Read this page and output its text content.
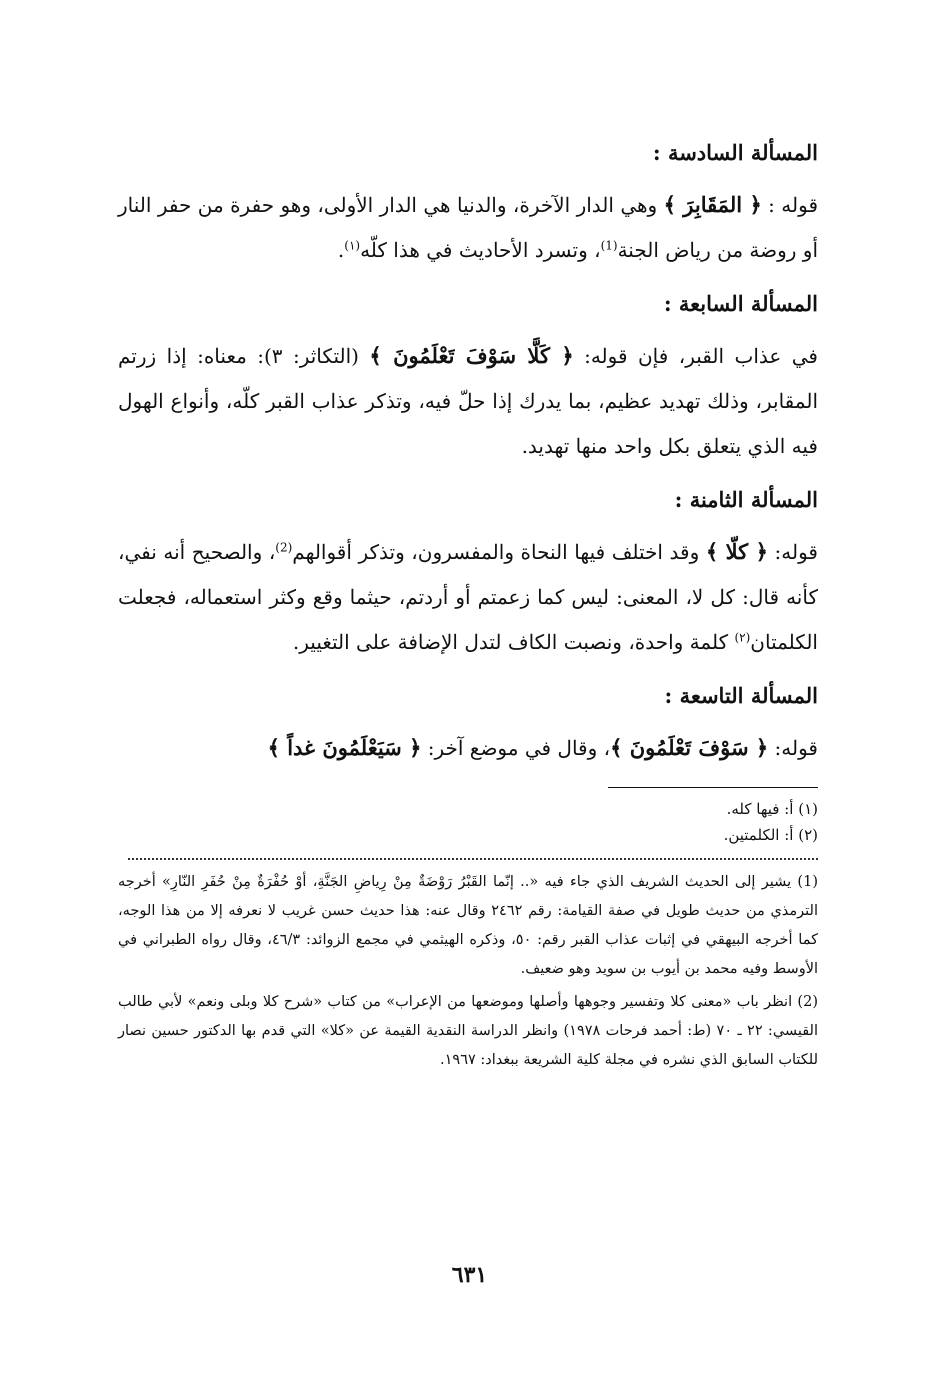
المسألة السادسة :

قوله : ﴿ المَقَابِرَ ﴾ وهي الدار الآخرة، والدنيا هي الدار الأولى، وهو حفرة من حفر النار أو روضة من رياض الجنة$^{(1)}$، وتسرد الأحاديث في هذا كلّه$^{(١)}$.

المسألة السابعة :

في عذاب القبر، فإن قوله: ﴿ كَلَّا سَوْفَ تَعْلَمُونَ ﴾ (التكاثر: ٣): معناه: إذا زرتم المقابر، وذلك تهديد عظيم، بما يدرك إذا حلّ فيه، وتذكر عذاب القبر كلّه، وأنواع الهول فيه الذي يتعلق بكل واحد منها تهديد.

المسألة الثامنة :

قوله: ﴿ كلّا ﴾ وقد اختلف فيها النحاة والمفسرون، وتذكر أقوالهم$^{(2)}$، والصحيح أنه نفي، كأنه قال: كل لا، المعنى: ليس كما زعمتم أو أردتم، حيثما وقع وكثر استعماله، فجعلت الكلمتان$^{(٢)}$ كلمة واحدة، ونصبت الكاف لتدل الإضافة على التغيير.

المسألة التاسعة :

قوله: ﴿ سَوْفَ تَعْلَمُونَ ﴾، وقال في موضع آخر: ﴿ سَيَعْلَمُونَ غداً ﴾

(١) أ: فيها كله.

(٢) أ: الكلمتين.

(1) يشير إلى الحديث الشريف الذي جاء فيه «.. إنّما القَبْرُ رَوْضَةٌ مِنْ رِياضِ الجَنَّةِ، أوْ حُفْرَةٌ مِنْ حُفَرِ النّارِ» أخرجه الترمذي من حديث طويل في صفة القيامة: رقم ٢٤٦٢ وقال عنه: هذا حديث حسن غريب لا نعرفه إلا من هذا الوجه، كما أخرجه البيهقي في إثبات عذاب القبر رقم: ٥٠، وذكره الهيثمي في مجمع الزوائد: ٤٦/٣، وقال رواه الطبراني في الأوسط وفيه محمد بن أيوب بن سويد وهو ضعيف.

(2) انظر باب «معنى كلا وتفسير وجوهها وأصلها وموضعها من الإعراب» من كتاب «شرح كلا وبلى ونعم» لأبي طالب القيسي: ٢٢ ـ ٧٠ (ط: أحمد فرحات ١٩٧٨) وانظر الدراسة النقدية القيمة عن «كلا» التي قدم بها الدكتور حسين نصار للكتاب السابق الذي نشره في مجلة كلية الشريعة ببغداد: ١٩٦٧.

٦٣١
